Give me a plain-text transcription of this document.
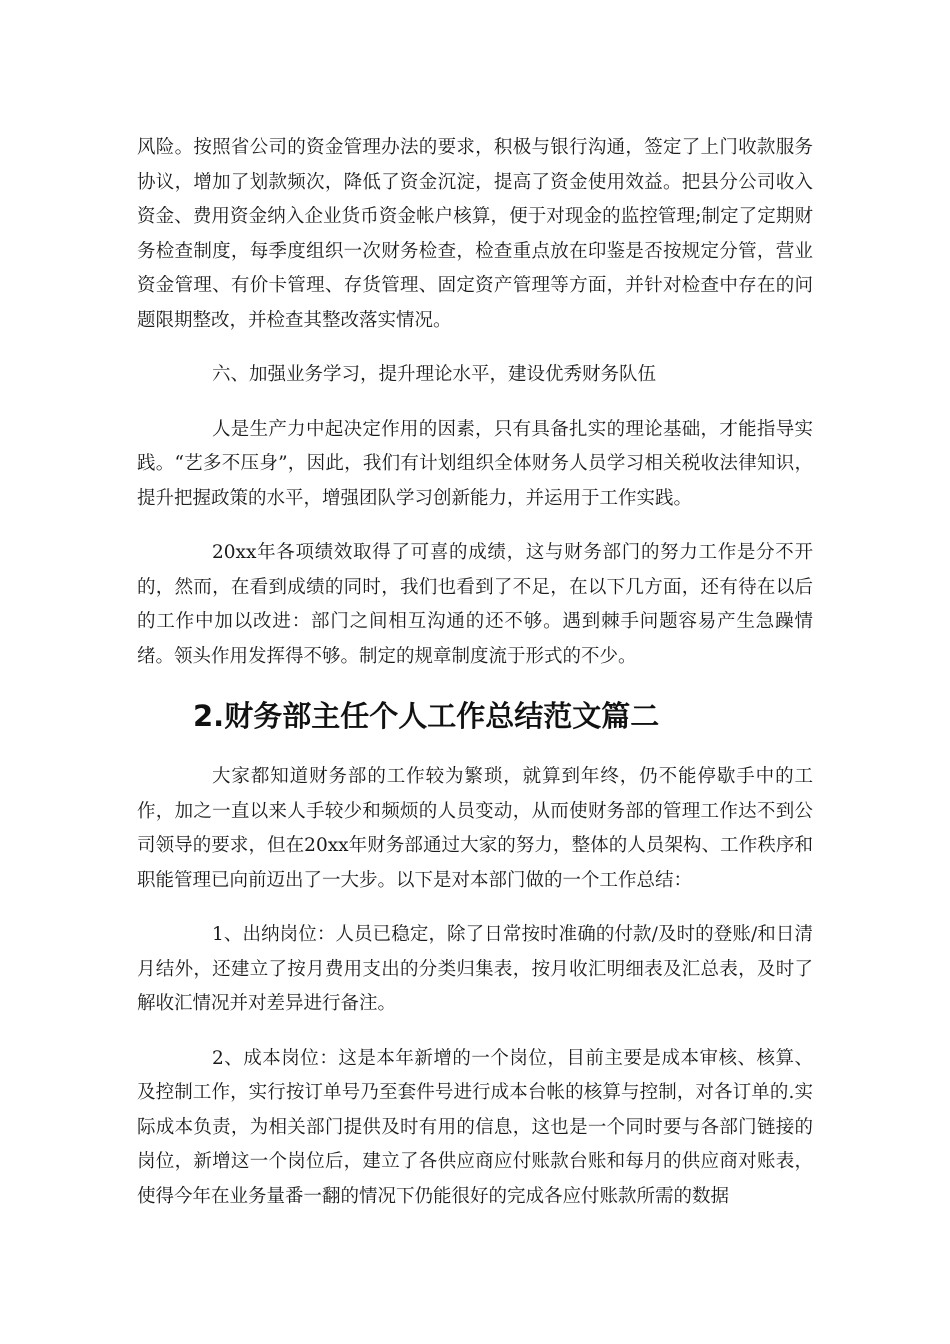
风险。按照省公司的资金管理办法的要求，积极与银行沟通，签定了上门收款服务协议，增加了划款频次，降低了资金沉淀，提高了资金使用效益。把县分公司收入资金、费用资金纳入企业货币资金帐户核算，便于对现金的监控管理;制定了定期财务检查制度，每季度组织一次财务检查，检查重点放在印鉴是否按规定分管，营业资金管理、有价卡管理、存货管理、固定资产管理等方面，并针对检查中存在的问题限期整改，并检查其整改落实情况。

六、加强业务学习，提升理论水平，建设优秀财务队伍

人是生产力中起决定作用的因素，只有具备扎实的理论基础，才能指导实践。“艺多不压身”，因此，我们有计划组织全体财务人员学习相关税收法律知识，提升把握政策的水平，增强团队学习创新能力，并运用于工作实践。

20xx年各项绩效取得了可喜的成绩，这与财务部门的努力工作是分不开的，然而，在看到成绩的同时，我们也看到了不足，在以下几方面，还有待在以后的工作中加以改进：部门之间相互沟通的还不够。遇到棘手问题容易产生急躁情绪。领头作用发挥得不够。制定的规章制度流于形式的不少。

2.财务部主任个人工作总结范文篇二

大家都知道财务部的工作较为繁琐，就算到年终，仍不能停歇手中的工作，加之一直以来人手较少和频烦的人员变动，从而使财务部的管理工作达不到公司领导的要求，但在20xx年财务部通过大家的努力，整体的人员架构、工作秩序和职能管理已向前迈出了一大步。以下是对本部门做的一个工作总结：

1、出纳岗位：人员已稳定，除了日常按时准确的付款/及时的登账/和日清月结外，还建立了按月费用支出的分类归集表，按月收汇明细表及汇总表，及时了解收汇情况并对差异进行备注。

2、成本岗位：这是本年新增的一个岗位，目前主要是成本审核、核算、及控制工作，实行按订单号乃至套件号进行成本台帐的核算与控制，对各订单的.实际成本负责，为相关部门提供及时有用的信息，这也是一个同时要与各部门链接的岗位，新增这一个岗位后，建立了各供应商应付账款台账和每月的供应商对账表，使得今年在业务量番一翻的情况下仍能很好的完成各应付账款所需的数据
